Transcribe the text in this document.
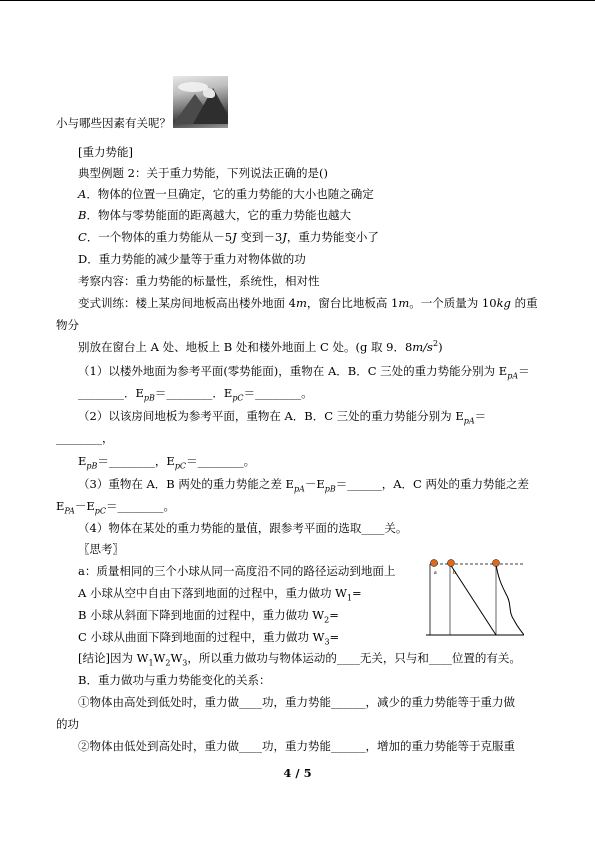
小与哪些因素有关呢？
[重力势能]
典型例题 2：关于重力势能，下列说法正确的是()
A．物体的位置一旦确定，它的重力势能的大小也随之确定
B．物体与零势能面的距离越大，它的重力势能也越大
C．一个物体的重力势能从－5J 变到－3J，重力势能变小了
D．重力势能的减少量等于重力对物体做的功
考察内容：重力势能的标量性，系统性，相对性
变式训练：楼上某房间地板高出楼外地面 4m，窗台比地板高 1m。一个质量为 10kg 的重
物分
别放在窗台上 A 处、地板上 B 处和楼外地面上 C 处。(g 取 9．$8m/s^2$)
（1）以楼外地面为参考平面(零势能面)，重物在 A．B．C 三处的重力势能分别为 $E_{pA}=$
________．$E_{pB}=\_\_\_\_\_\_\_\_$．$E_{pC}=\_\_\_\_\_\_\_\_$。
（2）以该房间地板为参考平面，重物在 A．B．C 三处的重力势能分别为 $E_{pA}=$
________，
$E_{pB}=\_\_\_\_\_\_\_\_$，$E_{pC}=\_\_\_\_\_\_\_\_$。
（3）重物在 A．B 两处的重力势能之差 $E_{pA}-E_{pB}=\_\_\_\_\_\_$，A．C 两处的重力势能之差
$E_{PA}-E_{pC}=\_\_\_\_\_\_\_\_$。
（4）物体在某处的重力势能的量值，跟参考平面的选取____关。
〖思考〗
a：质量相同的三个小球从同一高度沿不同的路径运动到地面上
A 小球从空中自由下落到地面的过程中，重力做功 $W_1=$
B 小球从斜面下降到地面的过程中，重力做功 $W_2=$
C 小球从曲面下降到地面的过程中，重力做功 $W_3=$
[结论]因为 $W_1W_2W_3$，所以重力做功与物体运动的____无关，只与和____位置的有关。
B．重力做功与重力势能变化的关系：
①物体由高处到低处时，重力做____功，重力势能______，减少的重力势能等于重力做
的功
②物体由低处到高处时，重力做____功，重力势能______，增加的重力势能等于克服重
a	b
4 / 5
